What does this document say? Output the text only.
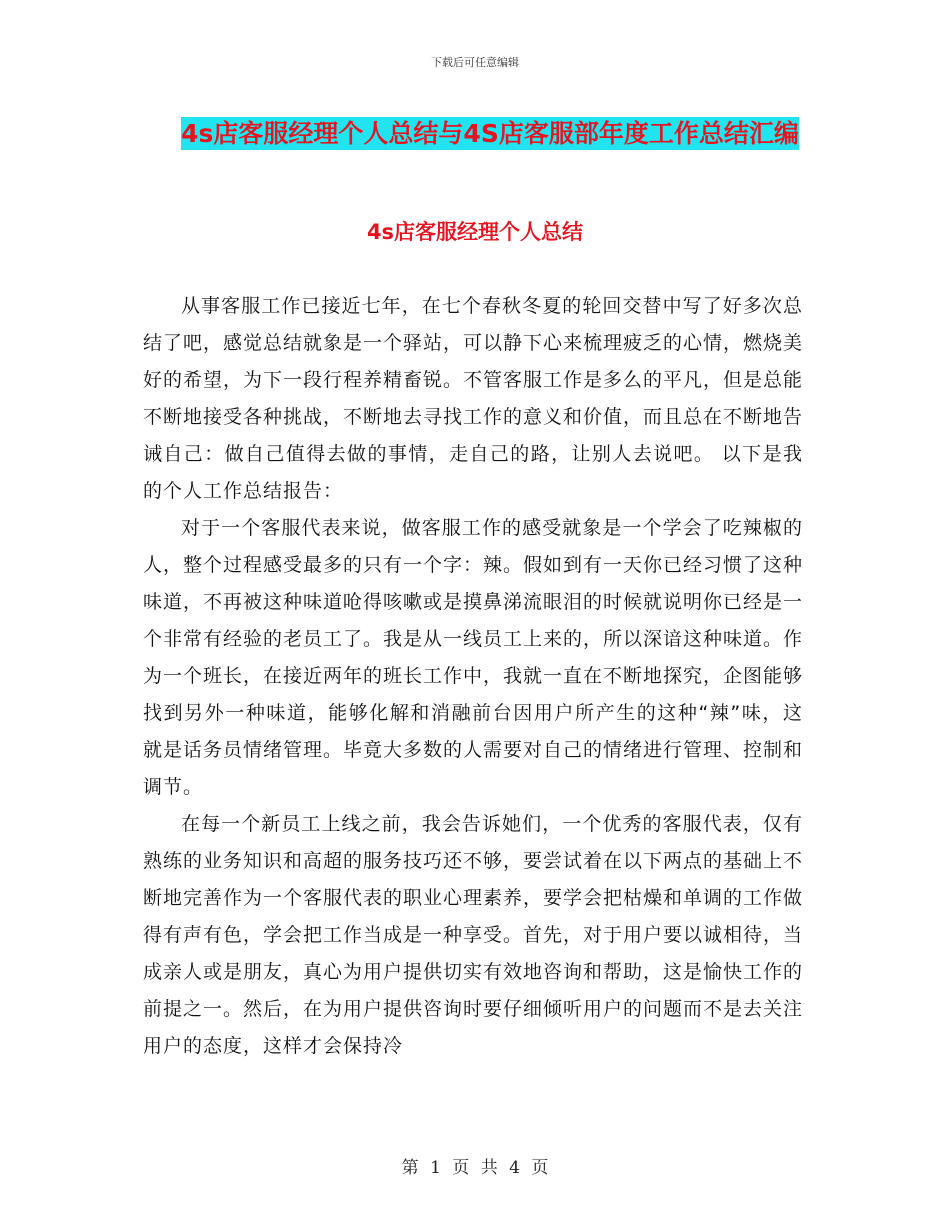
下载后可任意编辑
4s店客服经理个人总结与4S店客服部年度工作总结汇编
4s店客服经理个人总结

从事客服工作已接近七年，在七个春秋冬夏的轮回交替中写了好多次总结了吧，感觉总结就象是一个驿站，可以静下心来梳理疲乏的心情，燃烧美好的希望，为下一段行程养精畜锐。不管客服工作是多么的平凡，但是总能不断地接受各种挑战，不断地去寻找工作的意义和价值，而且总在不断地告诫自己：做自己值得去做的事情，走自己的路，让别人去说吧。 以下是我的个人工作总结报告：

对于一个客服代表来说，做客服工作的感受就象是一个学会了吃辣椒的人，整个过程感受最多的只有一个字：辣。假如到有一天你已经习惯了这种味道，不再被这种味道呛得咳嗽或是摸鼻涕流眼泪的时候就说明你已经是一个非常有经验的老员工了。我是从一线员工上来的，所以深谙这种味道。作为一个班长，在接近两年的班长工作中，我就一直在不断地探究，企图能够找到另外一种味道，能够化解和消融前台因用户所产生的这种“辣”味，这就是话务员情绪管理。毕竟大多数的人需要对自己的情绪进行管理、控制和调节。

在每一个新员工上线之前，我会告诉她们，一个优秀的客服代表，仅有熟练的业务知识和高超的服务技巧还不够，要尝试着在以下两点的基础上不断地完善作为一个客服代表的职业心理素养，要学会把枯燥和单调的工作做得有声有色，学会把工作当成是一种享受。首先，对于用户要以诚相待，当成亲人或是朋友，真心为用户提供切实有效地咨询和帮助，这是愉快工作的前提之一。然后，在为用户提供咨询时要仔细倾听用户的问题而不是去关注用户的态度，这样才会保持冷

第 1 页 共 4 页
